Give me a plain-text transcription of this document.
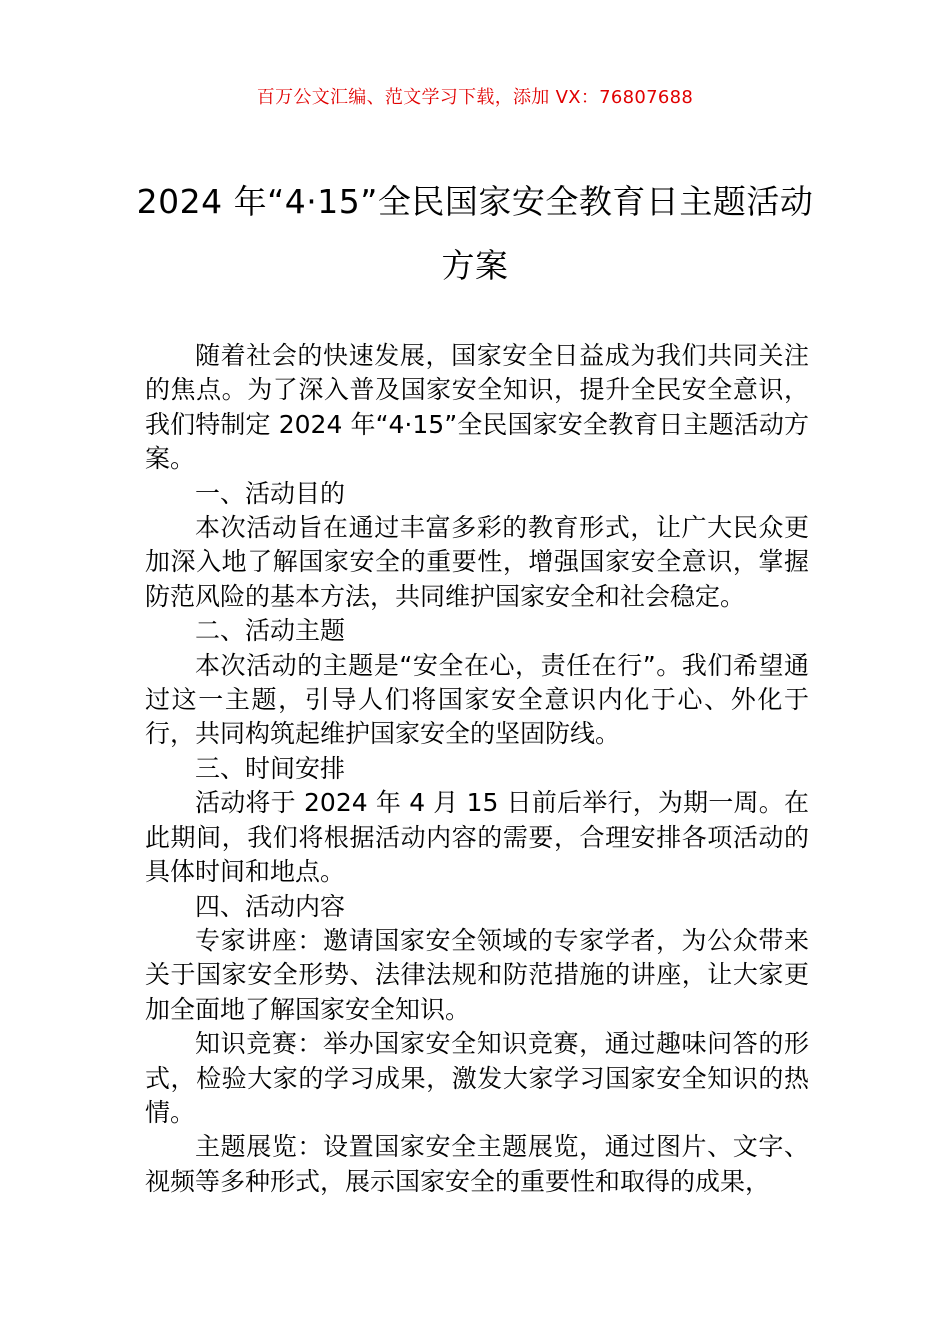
百万公文汇编、范文学习下载，添加 VX：76807688
2024 年“4·15”全民国家安全教育日主题活动方案

随着社会的快速发展，国家安全日益成为我们共同关注的焦点。为了深入普及国家安全知识，提升全民安全意识，我们特制定 2024 年“4·15”全民国家安全教育日主题活动方案。

一、活动目的

本次活动旨在通过丰富多彩的教育形式，让广大民众更加深入地了解国家安全的重要性，增强国家安全意识，掌握防范风险的基本方法，共同维护国家安全和社会稳定。

二、活动主题

本次活动的主题是“安全在心，责任在行”。我们希望通过这一主题，引导人们将国家安全意识内化于心、外化于行，共同构筑起维护国家安全的坚固防线。

三、时间安排

活动将于 2024 年 4 月 15 日前后举行，为期一周。在此期间，我们将根据活动内容的需要，合理安排各项活动的具体时间和地点。

四、活动内容

专家讲座：邀请国家安全领域的专家学者，为公众带来关于国家安全形势、法律法规和防范措施的讲座，让大家更加全面地了解国家安全知识。

知识竞赛：举办国家安全知识竞赛，通过趣味问答的形式，检验大家的学习成果，激发大家学习国家安全知识的热情。

主题展览：设置国家安全主题展览，通过图片、文字、视频等多种形式，展示国家安全的重要性和取得的成果，
